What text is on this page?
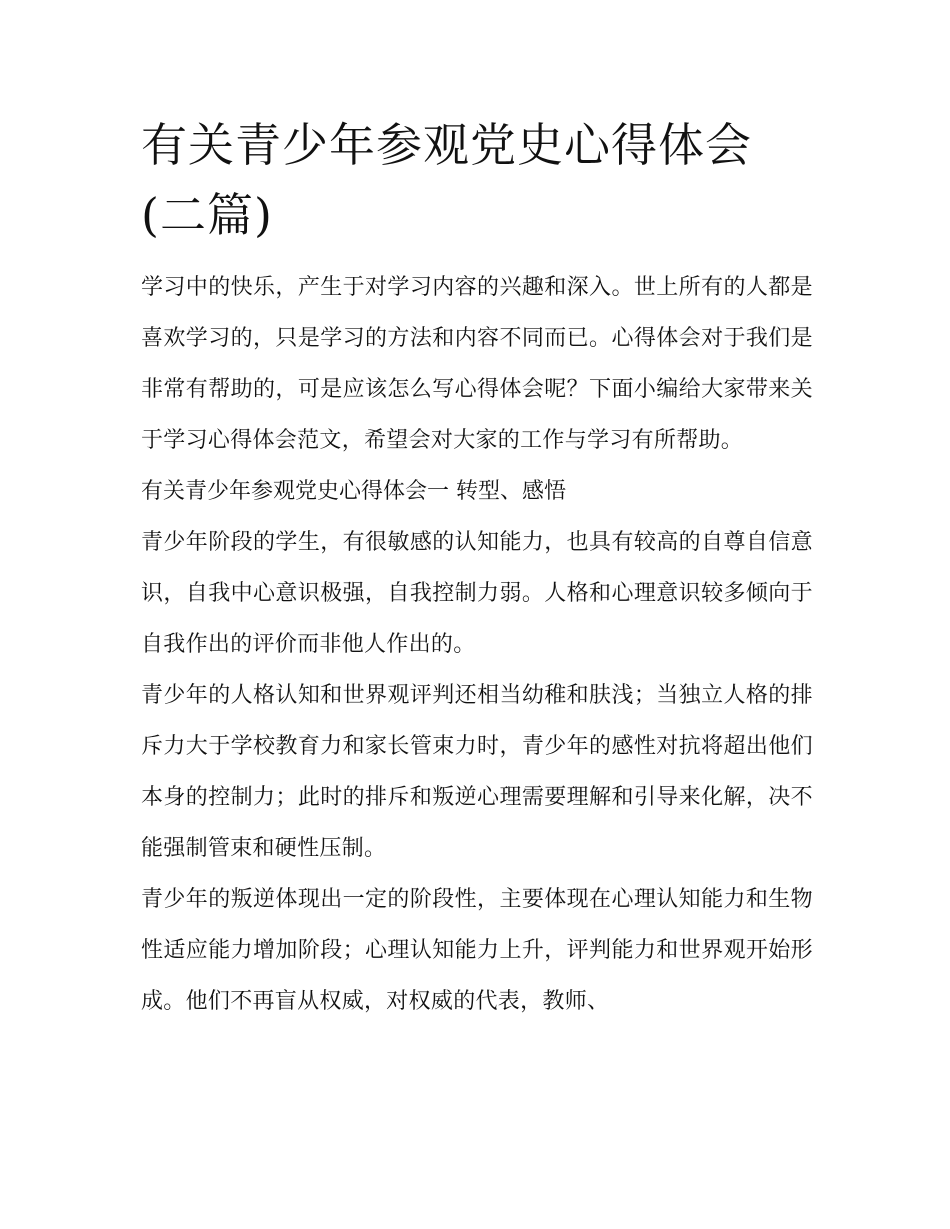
有关青少年参观党史心得体会(二篇)

学习中的快乐，产生于对学习内容的兴趣和深入。世上所有的人都是喜欢学习的，只是学习的方法和内容不同而已。心得体会对于我们是非常有帮助的，可是应该怎么写心得体会呢？下面小编给大家带来关于学习心得体会范文，希望会对大家的工作与学习有所帮助。

有关青少年参观党史心得体会一 转型、感悟

青少年阶段的学生，有很敏感的认知能力，也具有较高的自尊自信意识，自我中心意识极强，自我控制力弱。人格和心理意识较多倾向于自我作出的评价而非他人作出的。

青少年的人格认知和世界观评判还相当幼稚和肤浅；当独立人格的排斥力大于学校教育力和家长管束力时，青少年的感性对抗将超出他们本身的控制力；此时的排斥和叛逆心理需要理解和引导来化解，决不能强制管束和硬性压制。

青少年的叛逆体现出一定的阶段性，主要体现在心理认知能力和生物性适应能力增加阶段；心理认知能力上升，评判能力和世界观开始形成。他们不再盲从权威，对权威的代表，教师、
